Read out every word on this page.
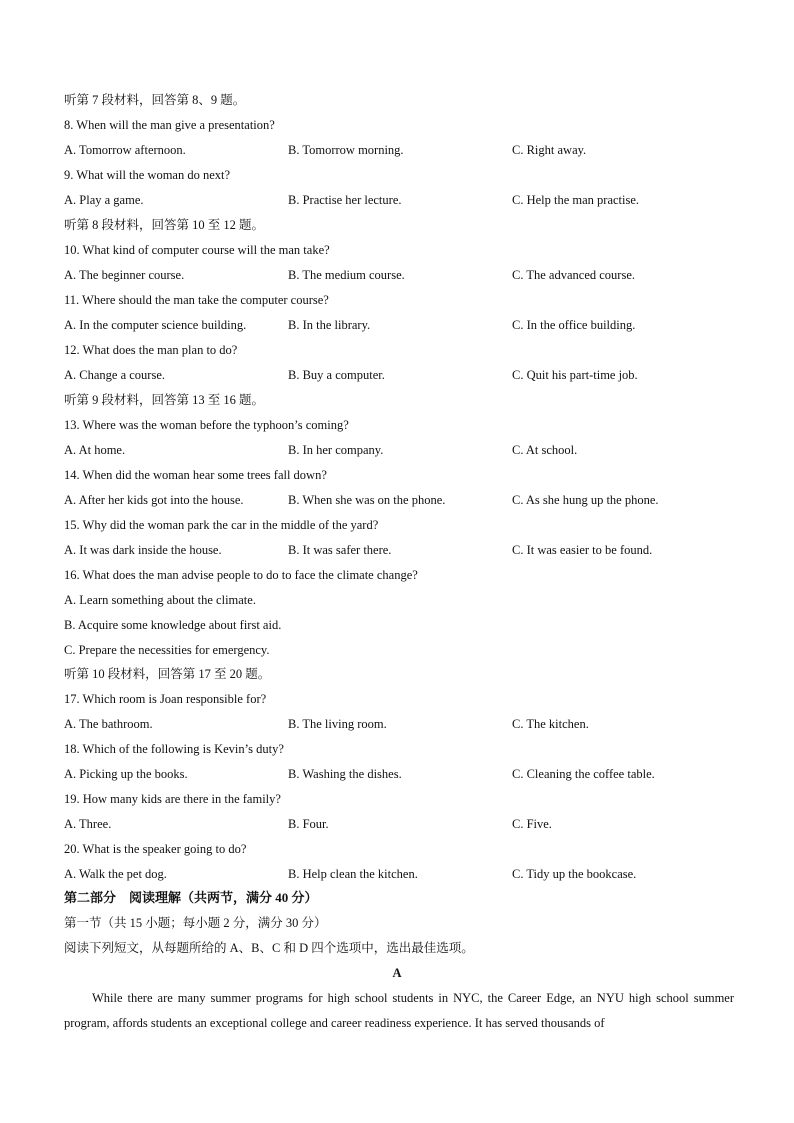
听第 7 段材料，回答第 8、9 题。
8. When will the man give a presentation?
A. Tomorrow afternoon.	B. Tomorrow morning.	C. Right away.
9. What will the woman do next?
A. Play a game.	B. Practise her lecture.	C. Help the man practise.
听第 8 段材料，回答第 10 至 12 题。
10. What kind of computer course will the man take?
A. The beginner course.	B. The medium course.	C. The advanced course.
11. Where should the man take the computer course?
A. In the computer science building.	B. In the library.	C. In the office building.
12. What does the man plan to do?
A. Change a course.	B. Buy a computer.	C. Quit his part-time job.
听第 9 段材料，回答第 13 至 16 题。
13. Where was the woman before the typhoon’s coming?
A. At home.	B. In her company.	C. At school.
14. When did the woman hear some trees fall down?
A. After her kids got into the house.	B. When she was on the phone.	C. As she hung up the phone.
15. Why did the woman park the car in the middle of the yard?
A. It was dark inside the house.	B. It was safer there.	C. It was easier to be found.
16. What does the man advise people to do to face the climate change?
A. Learn something about the climate.
B. Acquire some knowledge about first aid.
C. Prepare the necessities for emergency.
听第 10 段材料，回答第 17 至 20 题。
17. Which room is Joan responsible for?
A. The bathroom.	B. The living room.	C. The kitchen.
18. Which of the following is Kevin’s duty?
A. Picking up the books.	B. Washing the dishes.	C. Cleaning the coffee table.
19. How many kids are there in the family?
A. Three.	B. Four.	C. Five.
20. What is the speaker going to do?
A. Walk the pet dog.	B. Help clean the kitchen.	C. Tidy up the bookcase.
第二部分　阅读理解（共两节，满分 40 分）
第一节（共 15 小题；每小题 2 分，满分 30 分）
阅读下列短文，从每题所给的 A、B、C 和 D 四个选项中，选出最佳选项。
A
While there are many summer programs for high school students in NYC, the Career Edge, an NYU high school summer program, affords students an exceptional college and career readiness experience. It has served thousands of
